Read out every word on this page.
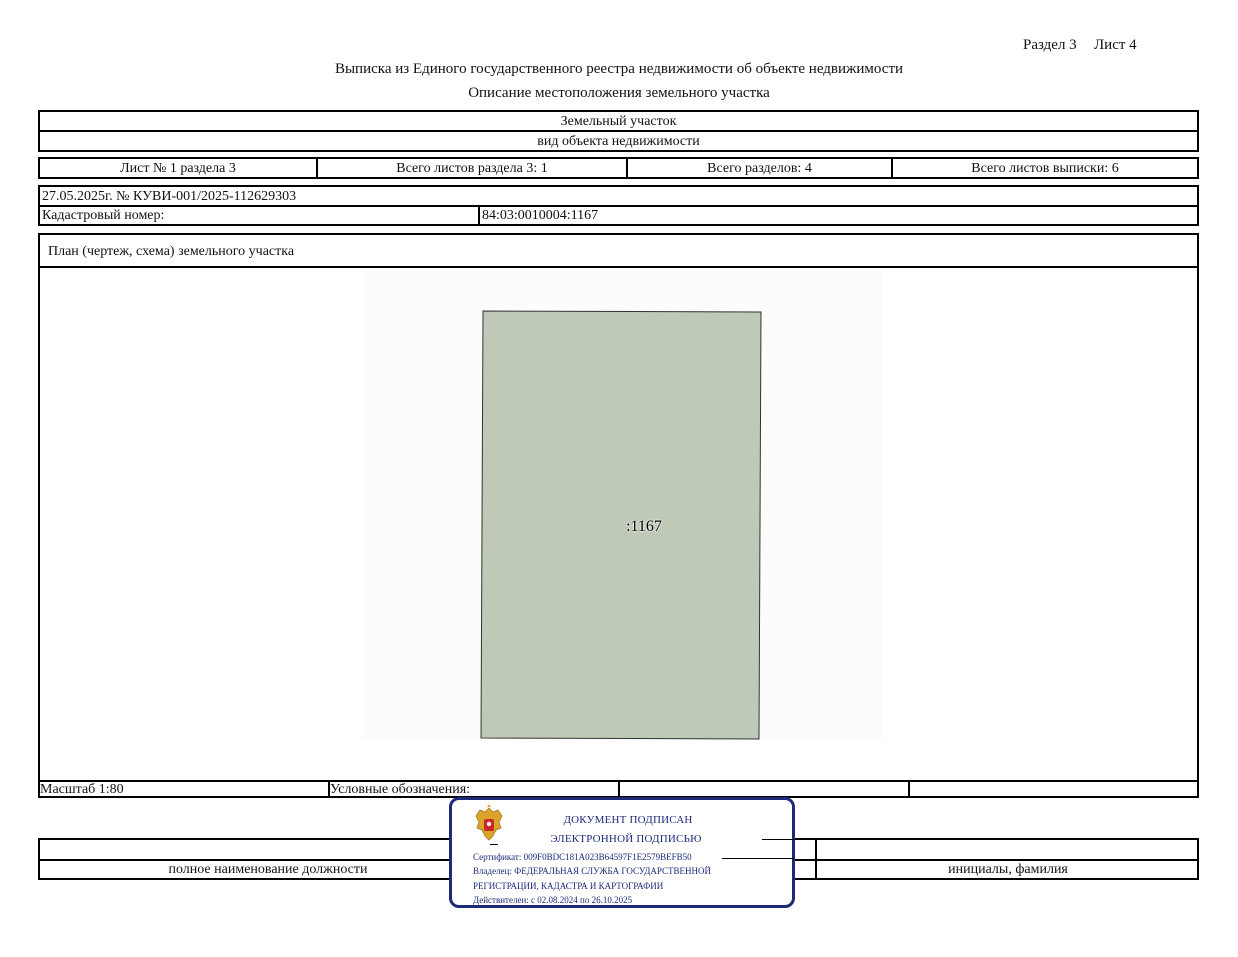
Раздел 3 Лист 4
Выписка из Единого государственного реестра недвижимости об объекте недвижимости
Описание местоположения земельного участка
Земельный участок
вид объекта недвижимости
Лист № 1 раздела 3	Всего листов раздела 3: 1	Всего разделов: 4	Всего листов выписки: 6
27.05.2025г. № КУВИ-001/2025-112629303
Кадастровый номер:	84:03:0010004:1167
План (чертеж, схема) земельного участка
:1167
Масштаб 1:80	Условные обозначения:
полное наименование должности	инициалы, фамилия
ДОКУМЕНТ ПОДПИСАН
ЭЛЕКТРОННОЙ ПОДПИСЬЮ
Сертификат: 009F0BDC181A023B64597F1E2579BEFB50
Владелец: ФЕДЕРАЛЬНАЯ СЛУЖБА ГОСУДАРСТВЕННОЙ
РЕГИСТРАЦИИ, КАДАСТРА И КАРТОГРАФИИ
Действителен: с 02.08.2024 по 26.10.2025
